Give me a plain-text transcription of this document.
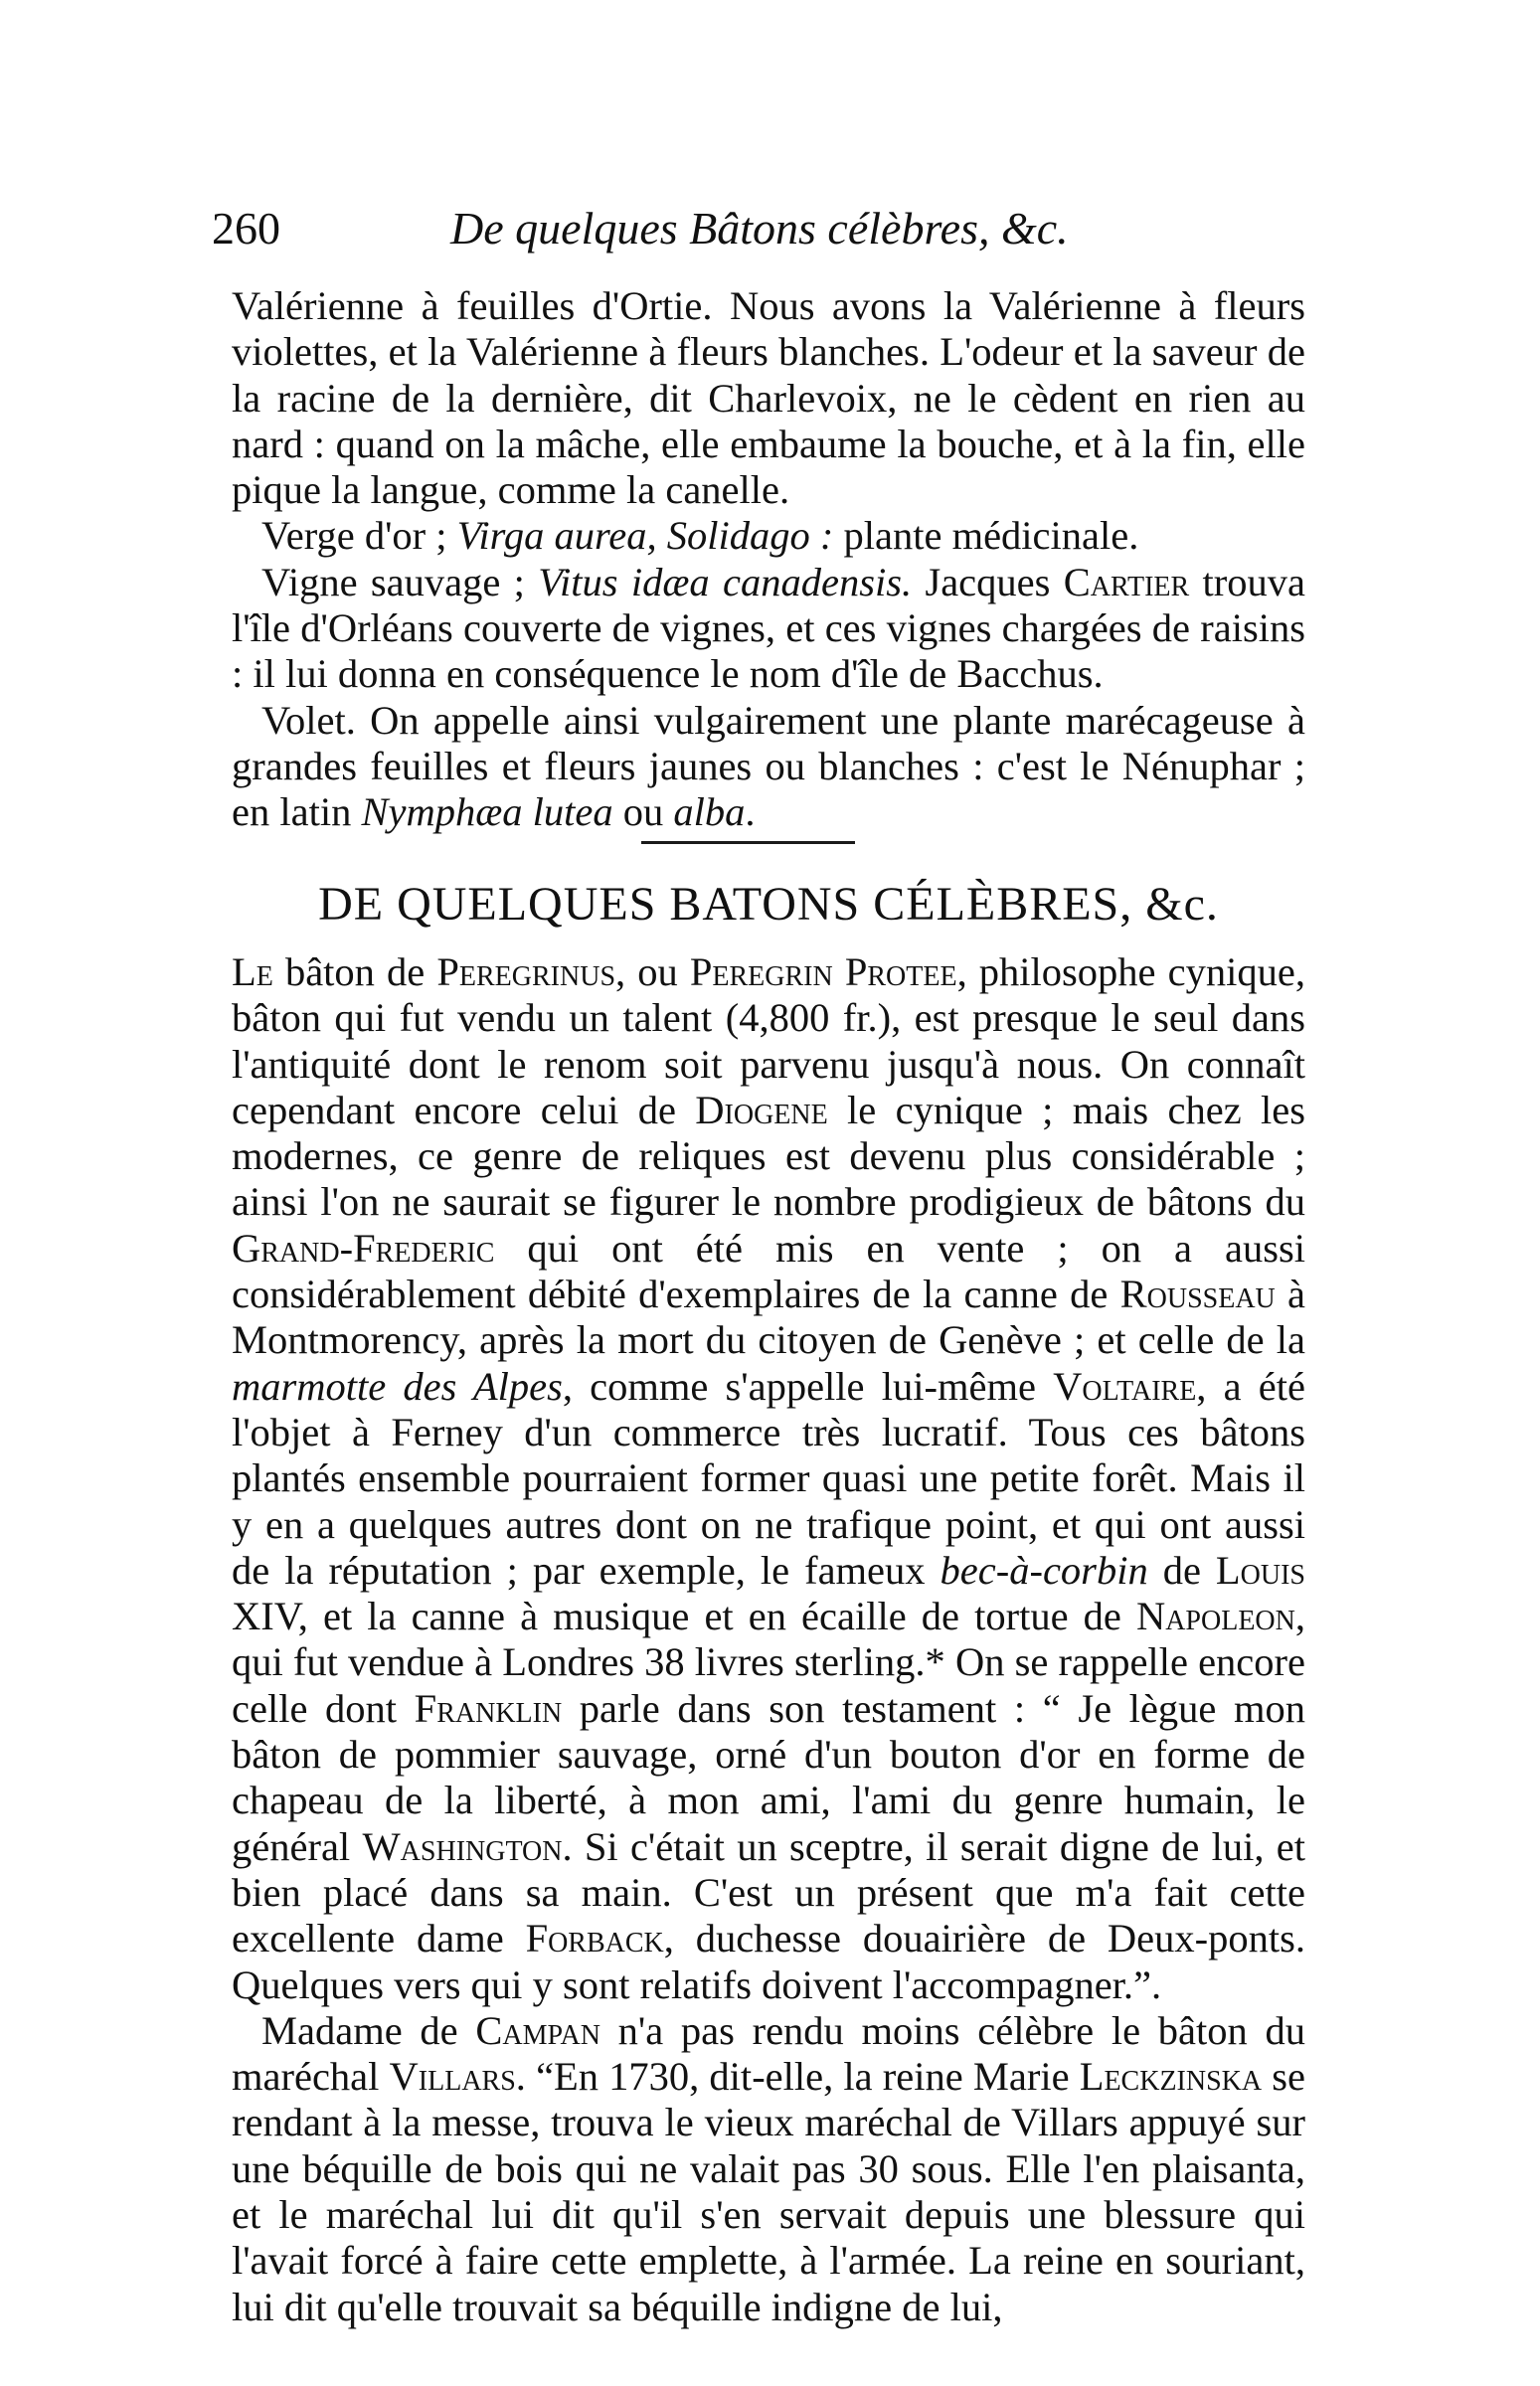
260	De quelques Bâtons célèbres, &c.

Valérienne à feuilles d'Ortie. Nous avons la Valérienne à fleurs violettes, et la Valérienne à fleurs blanches. L'odeur et la saveur de la racine de la dernière, dit Charlevoix, ne le cèdent en rien au nard : quand on la mâche, elle embaume la bouche, et à la fin, elle pique la langue, comme la canelle.

Verge d'or ; Virga aurea, Solidago : plante médicinale.

Vigne sauvage ; Vitus idæa canadensis. Jacques Cartier trouva l'île d'Orléans couverte de vignes, et ces vignes chargées de raisins : il lui donna en conséquence le nom d'île de Bacchus.

Volet. On appelle ainsi vulgairement une plante marécageuse à grandes feuilles et fleurs jaunes ou blanches : c'est le Nénuphar ; en latin Nymphæa lutea ou alba.

DE QUELQUES BATONS CÉLÈBRES, &c.

Le bâton de Peregrinus, ou Peregrin Protee, philosophe cynique, bâton qui fut vendu un talent (4,800 fr.), est presque le seul dans l'antiquité dont le renom soit parvenu jusqu'à nous. On connaît cependant encore celui de Diogene le cynique ; mais chez les modernes, ce genre de reliques est devenu plus considérable ; ainsi l'on ne saurait se figurer le nombre prodigieux de bâtons du Grand-Frederic qui ont été mis en vente ; on a aussi considérablement débité d'exemplaires de la canne de Rousseau à Montmorency, après la mort du citoyen de Genève ; et celle de la marmotte des Alpes, comme s'appelle lui-même Voltaire, a été l'objet à Ferney d'un commerce très lucratif. Tous ces bâtons plantés ensemble pourraient former quasi une petite forêt. Mais il y en a quelques autres dont on ne trafique point, et qui ont aussi de la réputation ; par exemple, le fameux bec-à-corbin de Louis XIV, et la canne à musique et en écaille de tortue de Napoleon, qui fut vendue à Londres 38 livres sterling.* On se rappelle encore celle dont Franklin parle dans son testament : “ Je lègue mon bâton de pommier sauvage, orné d'un bouton d'or en forme de chapeau de la liberté, à mon ami, l'ami du genre humain, le général Washington. Si c'était un sceptre, il serait digne de lui, et bien placé dans sa main. C'est un présent que m'a fait cette excellente dame Forback, duchesse douairière de Deux-ponts. Quelques vers qui y sont relatifs doivent l'accompagner.”.

Madame de Campan n'a pas rendu moins célèbre le bâton du maréchal Villars. “En 1730, dit-elle, la reine Marie Leckzinska se rendant à la messe, trouva le vieux maréchal de Villars appuyé sur une béquille de bois qui ne valait pas 30 sous. Elle l'en plaisanta, et le maréchal lui dit qu'il s'en servait depuis une blessure qui l'avait forcé à faire cette emplette, à l'armée. La reine en souriant, lui dit qu'elle trouvait sa béquille indigne de lui,
